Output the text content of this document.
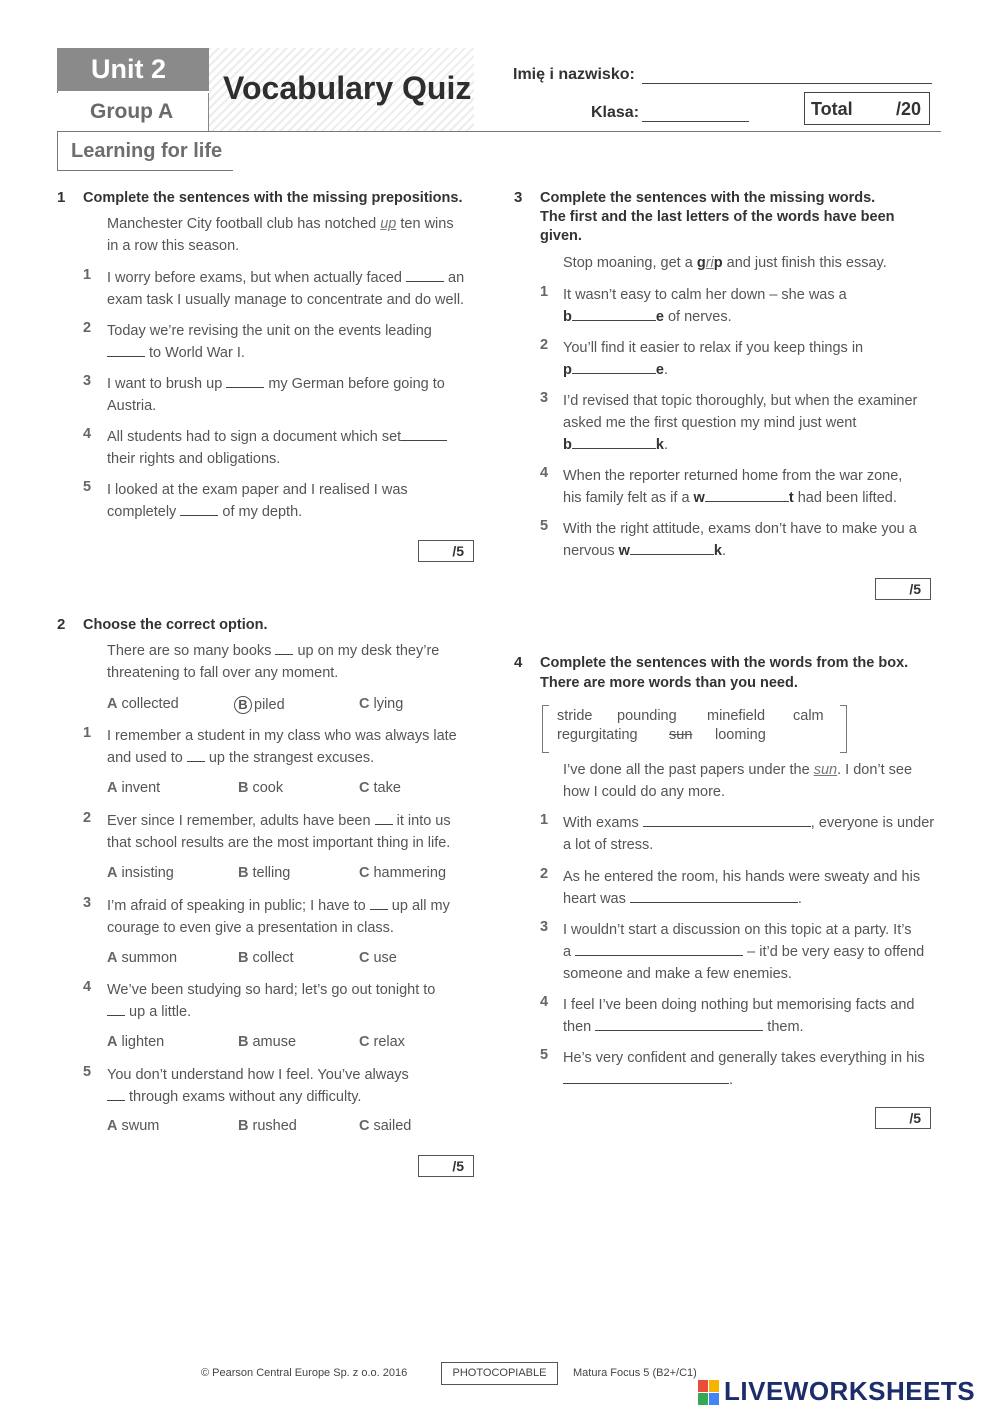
Unit 2
Group A
Vocabulary Quiz	Imię i nazwisko:
Klasa:	Total /20
Learning for life
1 Complete the sentences with the missing prepositions.
Manchester City football club has notched up ten wins
in a row this season.
1 I worry before exams, but when actually faced	an
exam task I usually manage to concentrate and do well.
2 Today we’re revising the unit on the events leading
to World War I.
3 I want to brush up	my German before going to
Austria.
4 All students had to sign a document which set
their rights and obligations.
5 I looked at the exam paper and I realised I was
completely	of my depth.
/5
2 Choose the correct option.
There are so many books up on my desk they’re
threatening to fall over any moment.
A collected	B piled	C lying
1 I remember a student in my class who was always late
and used to up the strangest excuses.
A invent	B cook	C take
2 Ever since I remember, adults have been it into us
that school results are the most important thing in life.
A insisting	B telling	C hammering
3 I’m afraid of speaking in public; I have to up all my
courage to even give a presentation in class.
A summon	B collect	C use
4 We’ve been studying so hard; let’s go out tonight to
up a little.
A lighten	B amuse	C relax
5 You don’t understand how I feel. You’ve always
through exams without any difficulty.
A swum	B rushed	C sailed
/5
3 Complete the sentences with the missing words.
The first and the last letters of the words have been
given.
Stop moaning, get a grip and just finish this essay.
1 It wasn’t easy to calm her down – she was a
b	e of nerves.
2 You’ll find it easier to relax if you keep things in
p	e.
3 I’d revised that topic thoroughly, but when the examiner
asked me the first question my mind just went
b	k.
4 When the reporter returned home from the war zone,
his family felt as if a w	t had been lifted.
5 With the right attitude, exams don’t have to make you a
nervous w	k.
/5
4 Complete the sentences with the words from the box.
There are more words than you need.
stride pounding minefield calm
regurgitating sun looming
I’ve done all the past papers under the sun. I don’t see
how I could do any more.
1 With exams	, everyone is under
a lot of stress.
2 As he entered the room, his hands were sweaty and his
heart was	.
3 I wouldn’t start a discussion on this topic at a party. It’s
a	– it’d be very easy to offend
someone and make a few enemies.
4 I feel I’ve been doing nothing but memorising facts and
then	them.
5 He’s very confident and generally takes everything in his
.
/5
© Pearson Central Europe Sp. z o.o. 2016	PHOTOCOPIABLE	Matura Focus 5 (B2+/C1)
LIVEWORKSHEETS
